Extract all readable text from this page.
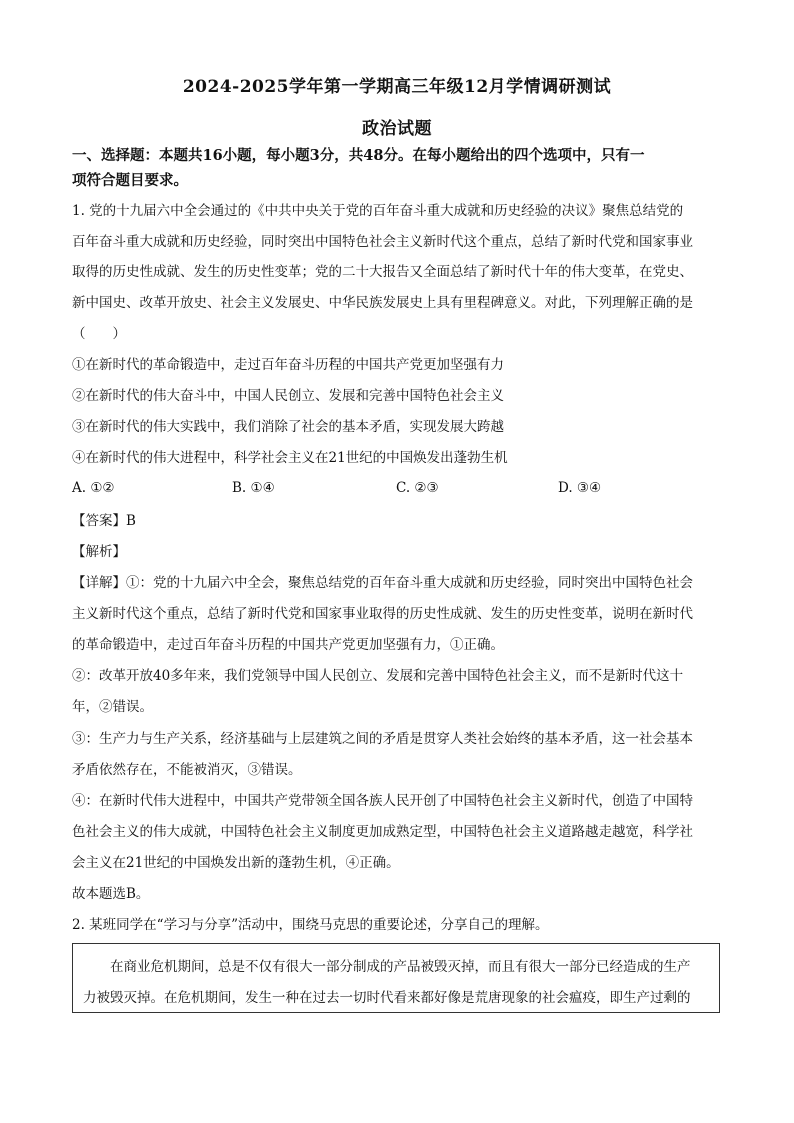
2024-2025学年第一学期高三年级12月学情调研测试
政治试题
一、选择题：本题共16小题，每小题3分，共48分。在每小题给出的四个选项中，只有一
项符合题目要求。
1. 党的十九届六中全会通过的《中共中央关于党的百年奋斗重大成就和历史经验的决议》聚焦总结党的
百年奋斗重大成就和历史经验，同时突出中国特色社会主义新时代这个重点，总结了新时代党和国家事业
取得的历史性成就、发生的历史性变革；党的二十大报告又全面总结了新时代十年的伟大变革，在党史、
新中国史、改革开放史、社会主义发展史、中华民族发展史上具有里程碑意义。对此，下列理解正确的是
（　　）
①在新时代的革命锻造中，走过百年奋斗历程的中国共产党更加坚强有力
②在新时代的伟大奋斗中，中国人民创立、发展和完善中国特色社会主义
③在新时代的伟大实践中，我们消除了社会的基本矛盾，实现发展大跨越
④在新时代的伟大进程中，科学社会主义在21世纪的中国焕发出蓬勃生机
A. ①②	B. ①④	C. ②③	D. ③④
【答案】B
【解析】
【详解】①：党的十九届六中全会，聚焦总结党的百年奋斗重大成就和历史经验，同时突出中国特色社会
主义新时代这个重点，总结了新时代党和国家事业取得的历史性成就、发生的历史性变革，说明在新时代
的革命锻造中，走过百年奋斗历程的中国共产党更加坚强有力，①正确。
②：改革开放40多年来，我们党领导中国人民创立、发展和完善中国特色社会主义，而不是新时代这十
年，②错误。
③：生产力与生产关系，经济基础与上层建筑之间的矛盾是贯穿人类社会始终的基本矛盾，这一社会基本
矛盾依然存在，不能被消灭，③错误。
④：在新时代伟大进程中，中国共产党带领全国各族人民开创了中国特色社会主义新时代，创造了中国特
色社会主义的伟大成就，中国特色社会主义制度更加成熟定型，中国特色社会主义道路越走越宽，科学社
会主义在21世纪的中国焕发出新的蓬勃生机，④正确。
故本题选B。
2. 某班同学在“学习与分享”活动中，围绕马克思的重要论述，分享自己的理解。
　　在商业危机期间，总是不仅有很大一部分制成的产品被毁灭掉，而且有很大一部分已经造成的生产
力被毁灭掉。在危机期间，发生一种在过去一切时代看来都好像是荒唐现象的社会瘟疫，即生产过剩的
